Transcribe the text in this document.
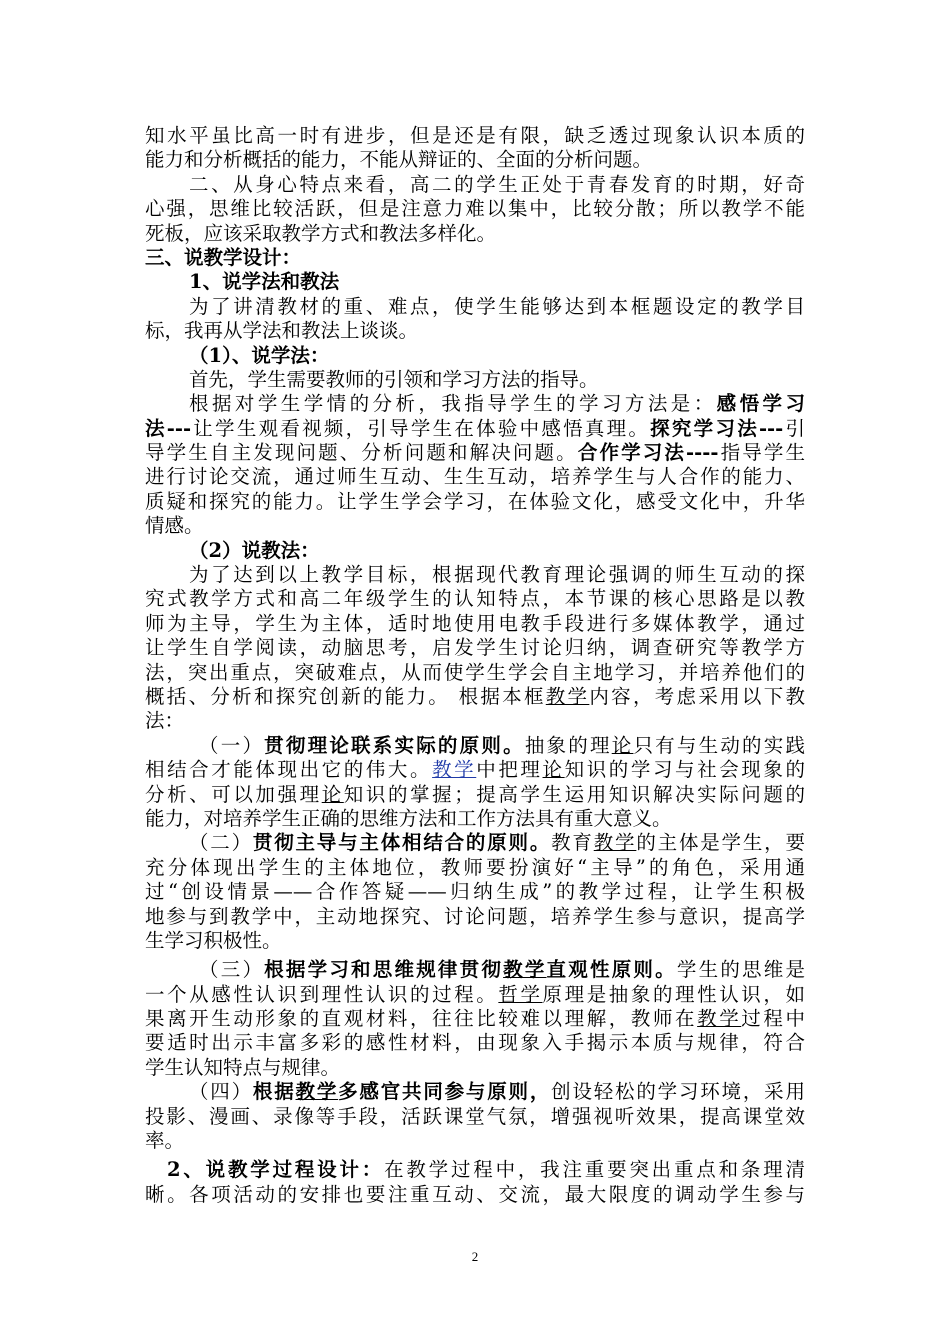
知水平虽比高一时有进步，但是还是有限，缺乏透过现象认识本质的
能力和分析概括的能力，不能从辩证的、全面的分析问题。
二、从身心特点来看，高二的学生正处于青春发育的时期，好奇
心强，思维比较活跃，但是注意力难以集中，比较分散；所以教学不能
死板，应该采取教学方式和教法多样化。
三、说教学设计：
1、说学法和教法
为了讲清教材的重、难点，使学生能够达到本框题设定的教学目
标，我再从学法和教法上谈谈。
（1）、说学法：
首先，学生需要教师的引领和学习方法的指导。
根据对学生学情的分析，我指导学生的学习方法是：感悟学习
法---让学生观看视频，引导学生在体验中感悟真理。探究学习法---引
导学生自主发现问题、分析问题和解决问题。合作学习法----指导学生
进行讨论交流，通过师生互动、生生互动，培养学生与人合作的能力、
质疑和探究的能力。让学生学会学习，在体验文化，感受文化中，升华
情感。
（2）说教法：
为了达到以上教学目标，根据现代教育理论强调的师生互动的探
究式教学方式和高二年级学生的认知特点，本节课的核心思路是以教
师为主导，学生为主体，适时地使用电教手段进行多媒体教学，通过
让学生自学阅读，动脑思考，启发学生讨论归纳，调查研究等教学方
法，突出重点，突破难点，从而使学生学会自主地学习，并培养他们的
概括、分析和探究创新的能力。 根据本框教学内容，考虑采用以下教
法：
（一）贯彻理论联系实际的原则。抽象的理论只有与生动的实践
相结合才能体现出它的伟大。教学中把理论知识的学习与社会现象的
分析、可以加强理论知识的掌握；提高学生运用知识解决实际问题的
能力，对培养学生正确的思维方法和工作方法具有重大意义。
（二）贯彻主导与主体相结合的原则。教育教学的主体是学生，要
充分体现出学生的主体地位，教师要扮演好“主导”的角色，采用通
过“创设情景——合作答疑——归纳生成”的教学过程，让学生积极
地参与到教学中，主动地探究、讨论问题，培养学生参与意识，提高学
生学习积极性。
（三）根据学习和思维规律贯彻教学直观性原则。学生的思维是
一个从感性认识到理性认识的过程。哲学原理是抽象的理性认识，如
果离开生动形象的直观材料，往往比较难以理解，教师在教学过程中
要适时出示丰富多彩的感性材料，由现象入手揭示本质与规律，符合
学生认知特点与规律。
（四）根据教学多感官共同参与原则，创设轻松的学习环境，采用
投影、漫画、录像等手段，活跃课堂气氛，增强视听效果，提高课堂效
率。
2、说教学过程设计：在教学过程中，我注重要突出重点和条理清
晰。各项活动的安排也要注重互动、交流，最大限度的调动学生参与
2
